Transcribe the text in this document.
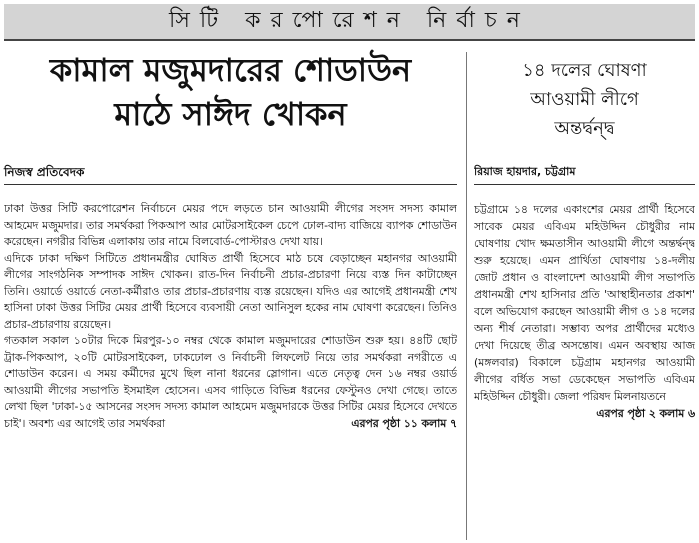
সিটি করপোরেশন নির্বাচন
কামাল মজুমদারের শোডাউন
মাঠে সাঈদ খোকন
নিজস্ব প্রতিবেদক

ঢাকা উত্তর সিটি করপোরেশন নির্বাচনে মেয়র পদে লড়তে চান আওয়ামী লীগের সংসদ সদস্য কামাল আহমেদ মজুমদার। তার সমর্থকরা পিকআপ আর মোটরসাইকেল চেপে ঢোল-বাদ্য বাজিয়ে ব্যাপক শোডাউন করেছেন। নগরীর বিভিন্ন এলাকায় তার নামে বিলবোর্ড-পোস্টারও দেখা যায়।

এদিকে ঢাকা দক্ষিণ সিটিতে প্রধানমন্ত্রীর ঘোষিত প্রার্থী হিসেবে মাঠ চষে বেড়াচ্ছেন মহানগর আওয়ামী লীগের সাংগঠনিক সম্পাদক সাঈদ খোকন। রাত-দিন নির্বাচনী প্রচার-প্রচারণা নিয়ে ব্যস্ত দিন কাটাচ্ছেন তিনি। ওয়ার্ডে ওয়ার্ডে নেতা-কর্মীরাও তার প্রচার-প্রচারণায় ব্যস্ত রয়েছেন। যদিও এর আগেই প্রধানমন্ত্রী শেখ হাসিনা ঢাকা উত্তর সিটির মেয়র প্রার্থী হিসেবে ব্যবসায়ী নেতা আনিসুল হকের নাম ঘোষণা করেছেন। তিনিও প্রচার-প্রচারণায় রয়েছেন।

গতকাল সকাল ১০টার দিকে মিরপুর-১০ নম্বর থেকে কামাল মজুমদারের শোডাউন শুরু হয়। ৪৪টি ছোট ট্রাক-পিকআপ, ২০টি মোটরসাইকেল, ঢাকঢোল ও নির্বাচনী লিফলেট নিয়ে তার সমর্থকরা নগরীতে এ শোডাউন করেন। এ সময় কর্মীদের মুখে ছিল নানা ধরনের স্লোগান। এতে নেতৃত্ব দেন ১৬ নম্বর ওয়ার্ড আওয়ামী লীগের সভাপতি ইসমাইল হোসেন। এসব গাড়িতে বিভিন্ন ধরনের ফেস্টুনও দেখা গেছে। তাতে লেখা ছিল 'ঢাকা-১৫ আসনের সংসদ সদস্য কামাল আহমেদ মজুমদারকে উত্তর সিটির মেয়র হিসেবে দেখতে চাই'। অবশ্য এর আগেই তার সমর্থকরা	এরপর পৃষ্ঠা ১১ কলাম ৭

১৪ দলের ঘোষণা
আওয়ামী লীগে
অন্তর্দ্বন্দ্ব
রিয়াজ হায়দার, চট্টগ্রাম

চট্টগ্রামে ১৪ দলের একাংশের মেয়র প্রার্থী হিসেবে সাবেক মেয়র এবিএম মহিউদ্দিন চৌধুরীর নাম ঘোষণায় খোদ ক্ষমতাসীন আওয়ামী লীগে অন্তর্দ্বন্দ্ব শুরু হয়েছে। এমন প্রার্থিতা ঘোষণায় ১৪-দলীয় জোট প্রধান ও বাংলাদেশ আওয়ামী লীগ সভাপতি প্রধানমন্ত্রী শেখ হাসিনার প্রতি 'আস্থাহীনতার প্রকাশ' বলে অভিযোগ করছেন আওয়ামী লীগ ও ১৪ দলের অন্য শীর্ষ নেতারা। সম্ভাব্য অপর প্রার্থীদের মধ্যেও দেখা দিয়েছে তীব্র অসন্তোষ। এমন অবস্থায় আজ (মঙ্গলবার) বিকালে চট্টগ্রাম মহানগর আওয়ামী লীগের বর্ধিত সভা ডেকেছেন সভাপতি এবিএম মহিউদ্দিন চৌধুরী। জেলা পরিষদ মিলনায়তনে
এরপর পৃষ্ঠা ২ কলাম ৬
